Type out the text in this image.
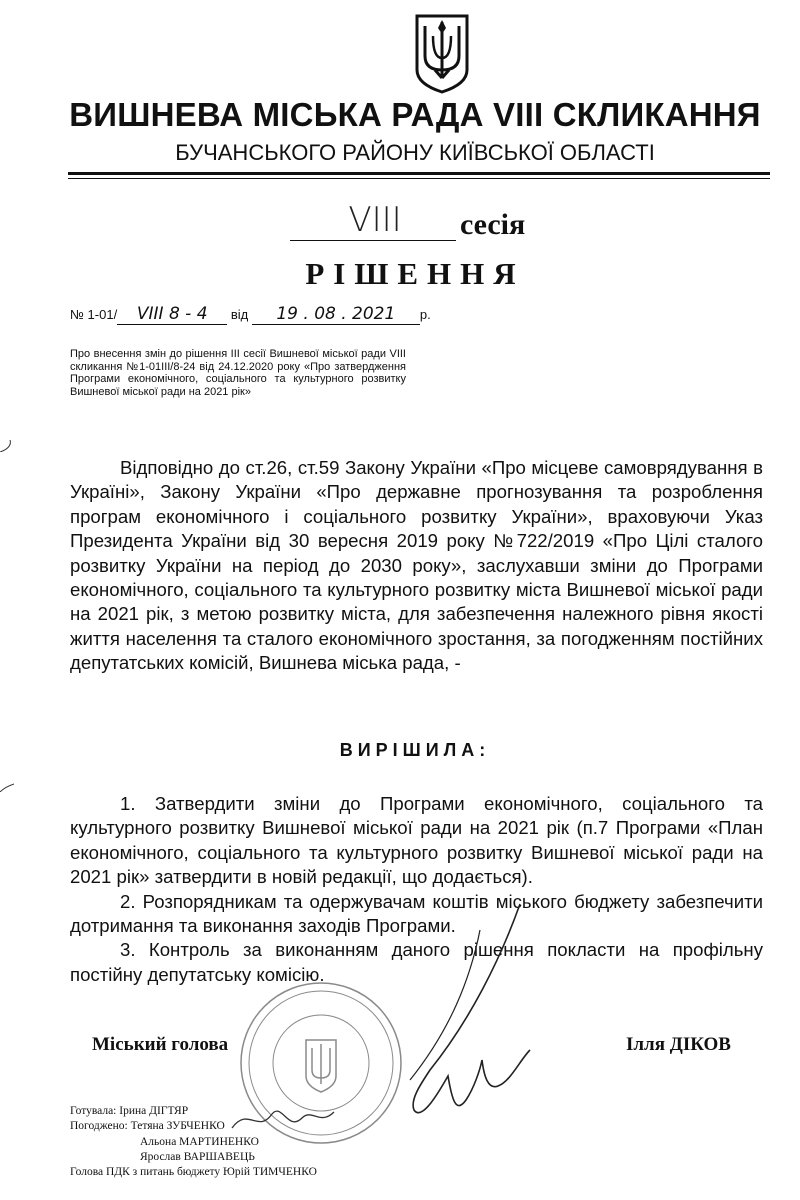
ВИШНЕВА МІСЬКА РАДА VIII СКЛИКАННЯ
БУЧАНСЬКОГО РАЙОНУ КИЇВСЬКОЇ ОБЛАСТІ
VIII	сесія
РІШЕННЯ
№ 1-01/ VIII 8 - 4 від 19 . 08 . 2021 р.
Про внесення змін до рішення ІІІ сесії Вишневої міської ради VIII скликання №1-01ІІІ/8-24 від 24.12.2020 року «Про затвердження Програми економічного, соціального та культурного розвитку Вишневої міської ради на 2021 рік»
Відповідно до ст.26, ст.59 Закону України «Про місцеве самоврядування в Україні», Закону України «Про державне прогнозування та розроблення програм економічного і соціального розвитку України», враховуючи Указ Президента України від 30 вересня 2019 року №722/2019 «Про Цілі сталого розвитку України на період до 2030 року», заслухавши зміни до Програми економічного, соціального та культурного розвитку міста Вишневої міської ради на 2021 рік, з метою розвитку міста, для забезпечення належного рівня якості життя населення та сталого економічного зростання, за погодженням постійних депутатських комісій, Вишнева міська рада, -
ВИРІШИЛА:

1. Затвердити зміни до Програми економічного, соціального та культурного розвитку Вишневої міської ради на 2021 рік (п.7 Програми «План економічного, соціального та культурного розвитку Вишневої міської ради на 2021 рік» затвердити в новій редакції, що додається).

2. Розпорядникам та одержувачам коштів міського бюджету забезпечити дотримання та виконання заходів Програми.

3. Контроль за виконанням даного рішення покласти на профільну постійну депутатську комісію.

Міський голова	Ілля ДІКОВ
Готувала: Ірина ДІГТЯР
Погоджено: Тетяна ЗУБЧЕНКО
Альона МАРТИНЕНКО
Ярослав ВАРШАВЕЦЬ
Голова ПДК з питань бюджету Юрій ТИМЧЕНКО
